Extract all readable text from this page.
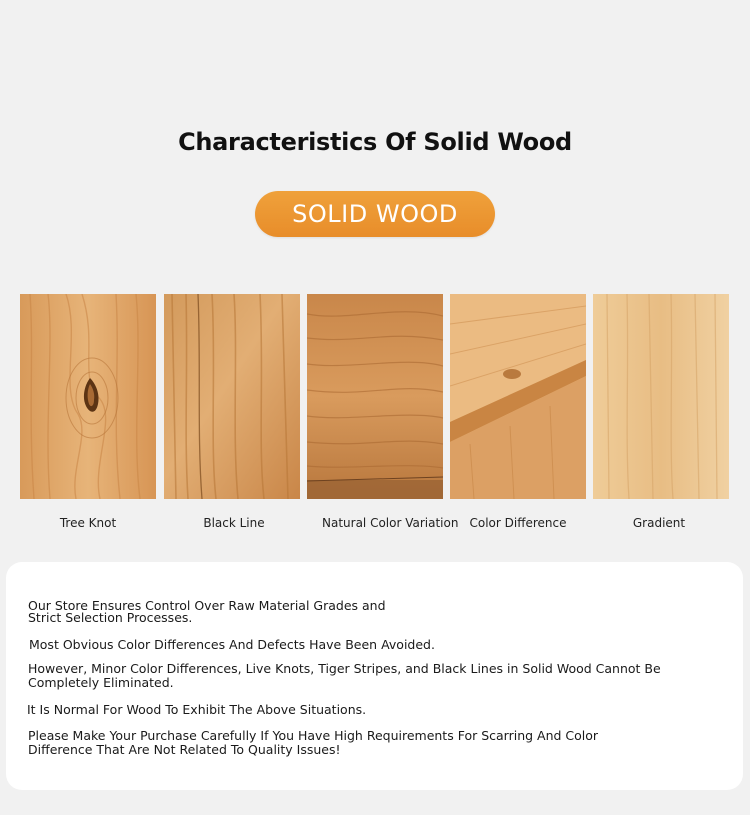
Characteristics Of Solid Wood
SOLID WOOD
Tree Knot	Black Line	Natural Color Variation Color Difference	Gradient
Our Store Ensures Control Over Raw Material Grades and
Strict Selection Processes.
Most Obvious Color Differences And Defects Have Been Avoided.
However, Minor Color Differences, Live Knots, Tiger Stripes, and Black Lines in Solid Wood Cannot Be
Completely Eliminated.
It Is Normal For Wood To Exhibit The Above Situations.
Please Make Your Purchase Carefully If You Have High Requirements For Scarring And Color
Difference That Are Not Related To Quality Issues!
